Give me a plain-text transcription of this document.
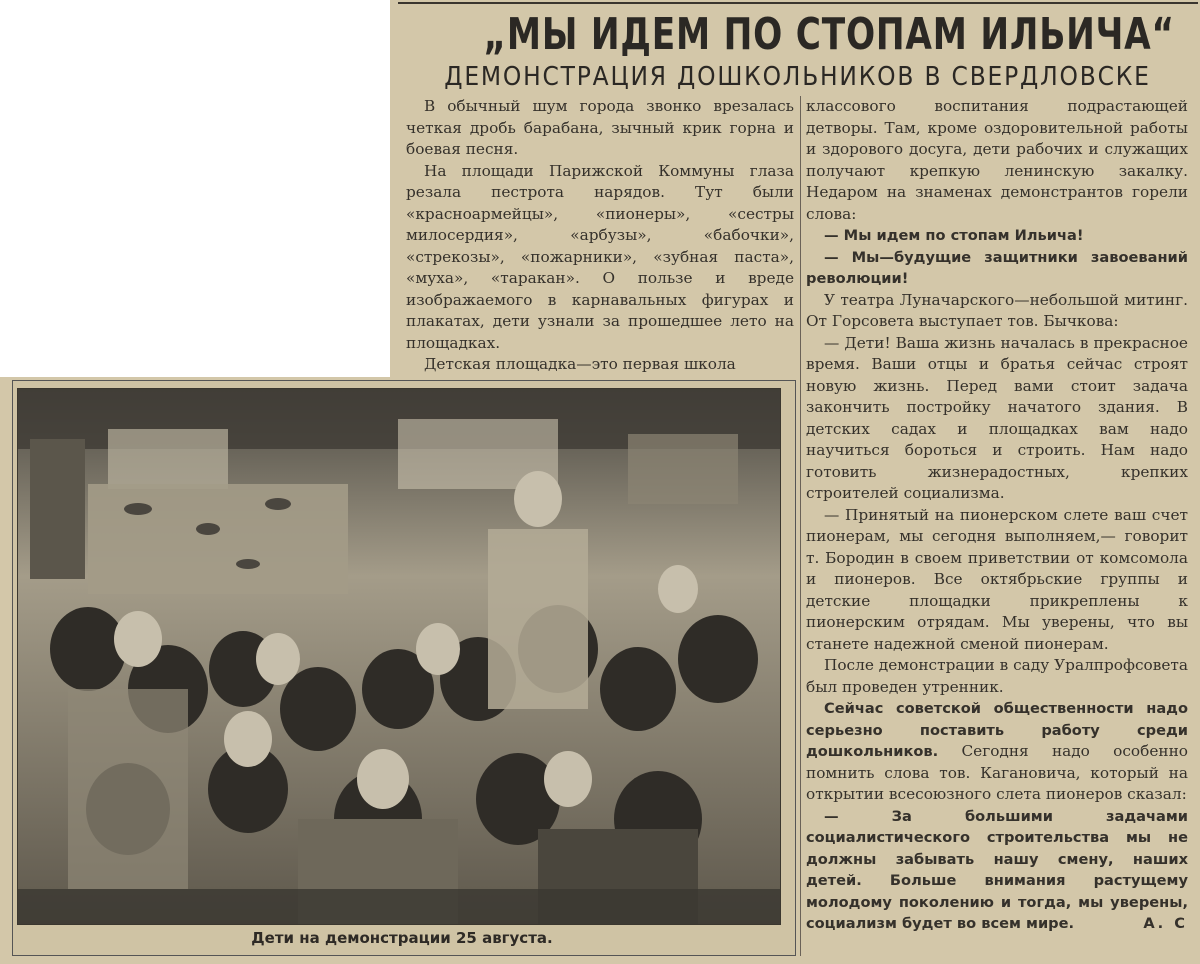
„МЫ ИДЕМ ПО СТОПАМ ИЛЬИЧА“
ДЕМОНСТРАЦИЯ ДОШКОЛЬНИКОВ В СВЕРДЛОВСКЕ

В обычный шум города звонко врезалась четкая дробь барабана, зычный крик горна и боевая песня.

На площади Парижской Коммуны глаза резала пестрота нарядов. Тут были «красноармейцы», «пионеры», «сестры милосердия», «арбузы», «бабочки», «стрекозы», «пожарники», «зубная паста», «муха», «таракан». О пользе и вреде изображаемого в карнавальных фигурах и плакатах, дети узнали за прошедшее лето на площадках.

Детская площадка—это первая школа

классового воспитания подрастающей детворы. Там, кроме оздоровительной работы и здорового досуга, дети рабочих и служащих получают крепкую ленинскую закалку. Недаром на знаменах демонстрантов горели слова:

— Мы идем по стопам Ильича!

— Мы—будущие защитники завоеваний революции!

У театра Луначарского—небольшой митинг. От Горсовета выступает тов. Бычкова:

— Дети! Ваша жизнь началась в прекрасное время. Ваши отцы и братья сейчас строят новую жизнь. Перед вами стоит задача закончить постройку начатого здания. В детских садах и площадках вам надо научиться бороться и строить. Нам надо готовить жизнерадостных, крепких строителей социализма.

— Принятый на пионерском слете ваш счет пионерам, мы сегодня выполняем,— говорит т. Бородин в своем приветствии от комсомола и пионеров. Все октябрьские группы и детские площадки прикреплены к пионерским отрядам. Мы уверены, что вы станете надежной сменой пионерам.

После демонстрации в саду Уралпрофсовета был проведен утренник.

Сейчас советской общественности надо серьезно поставить работу среди дошкольников. Сегодня надо особенно помнить слова тов. Кагановича, который на открытии всесоюзного слета пионеров сказал:

— За большими задачами социалистического строительства мы не должны забывать нашу смену, наших детей. Больше внимания растущему молодому поколению и тогда, мы уверены, социализм будет во всем мире.	А. С

Дети на демонстрации 25 августа.
